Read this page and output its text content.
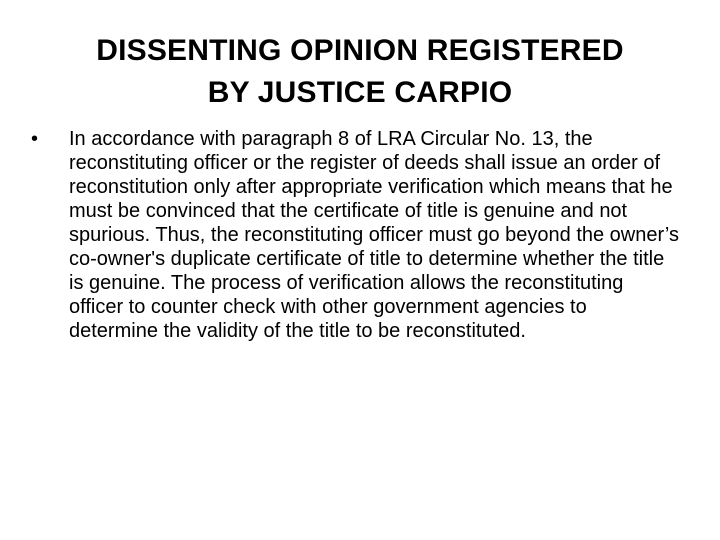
DISSENTING OPINION REGISTERED
BY JUSTICE CARPIO
• In accordance with paragraph 8 of LRA Circular No. 13, the reconstituting officer or the register of deeds shall issue an order of reconstitution only after appropriate verification which means that he must be convinced that the certificate of title is genuine and not spurious. Thus, the reconstituting officer must go beyond the owner’s co-owner's duplicate certificate of title to determine whether the title is genuine. The process of verification allows the reconstituting officer to counter check with other government agencies to determine the validity of the title to be reconstituted.
